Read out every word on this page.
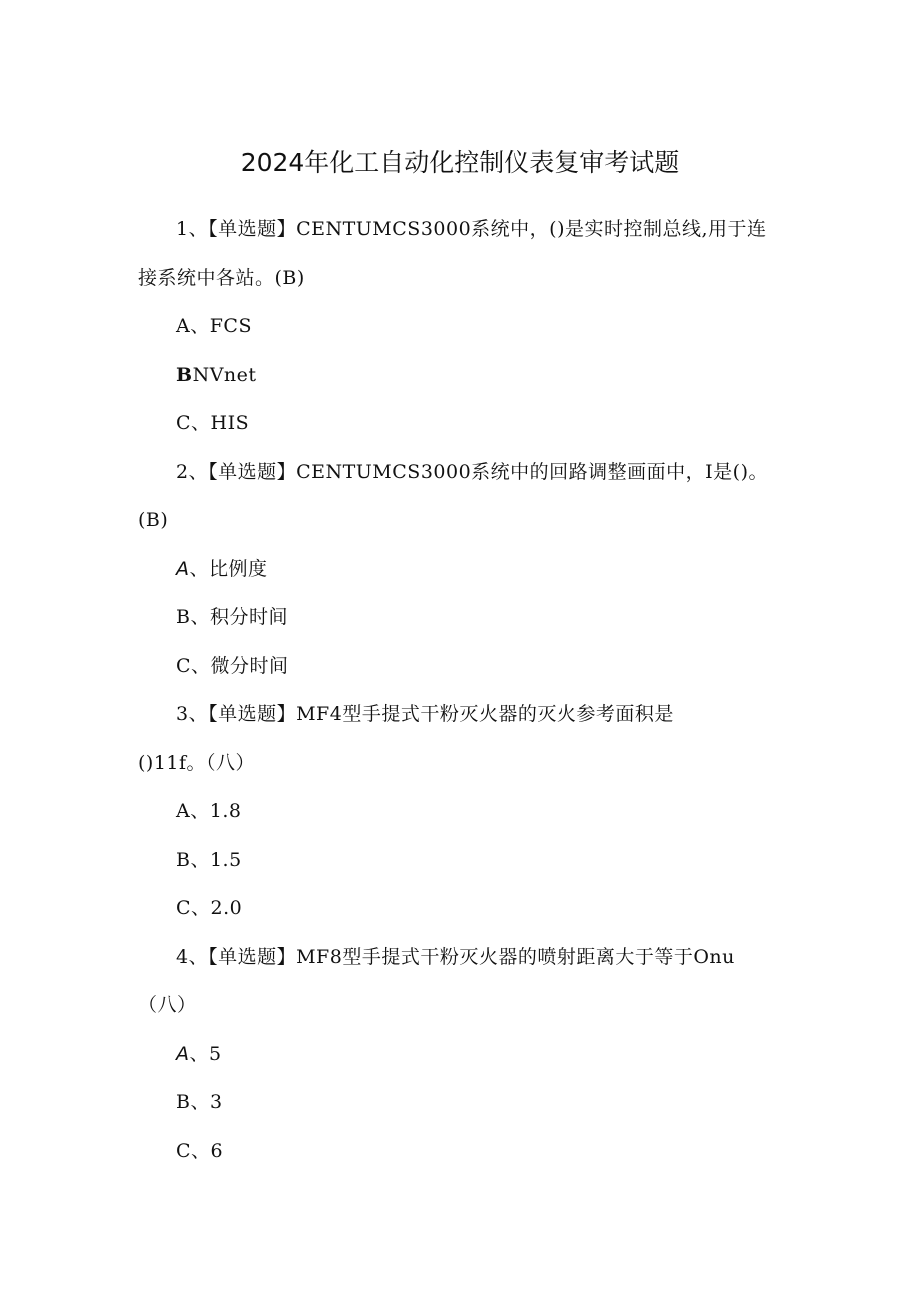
2024年化工自动化控制仪表复审考试题
1、【单选题】CENTUMCS3000系统中，()是实时控制总线,用于连
接系统中各站。(B)
A、FCS
BNVnet
C、HIS
2、【单选题】CENTUMCS3000系统中的回路调整画面中，I是()。
(B)
A、比例度
B、积分时间
C、微分时间
3、【单选题】MF4型手提式干粉灭火器的灭火参考面积是
()11f。（八）
A、1.8
B、1.5
C、2.0
4、【单选题】MF8型手提式干粉灭火器的喷射距离大于等于Onu
（八）
A、5
B、3
C、6
